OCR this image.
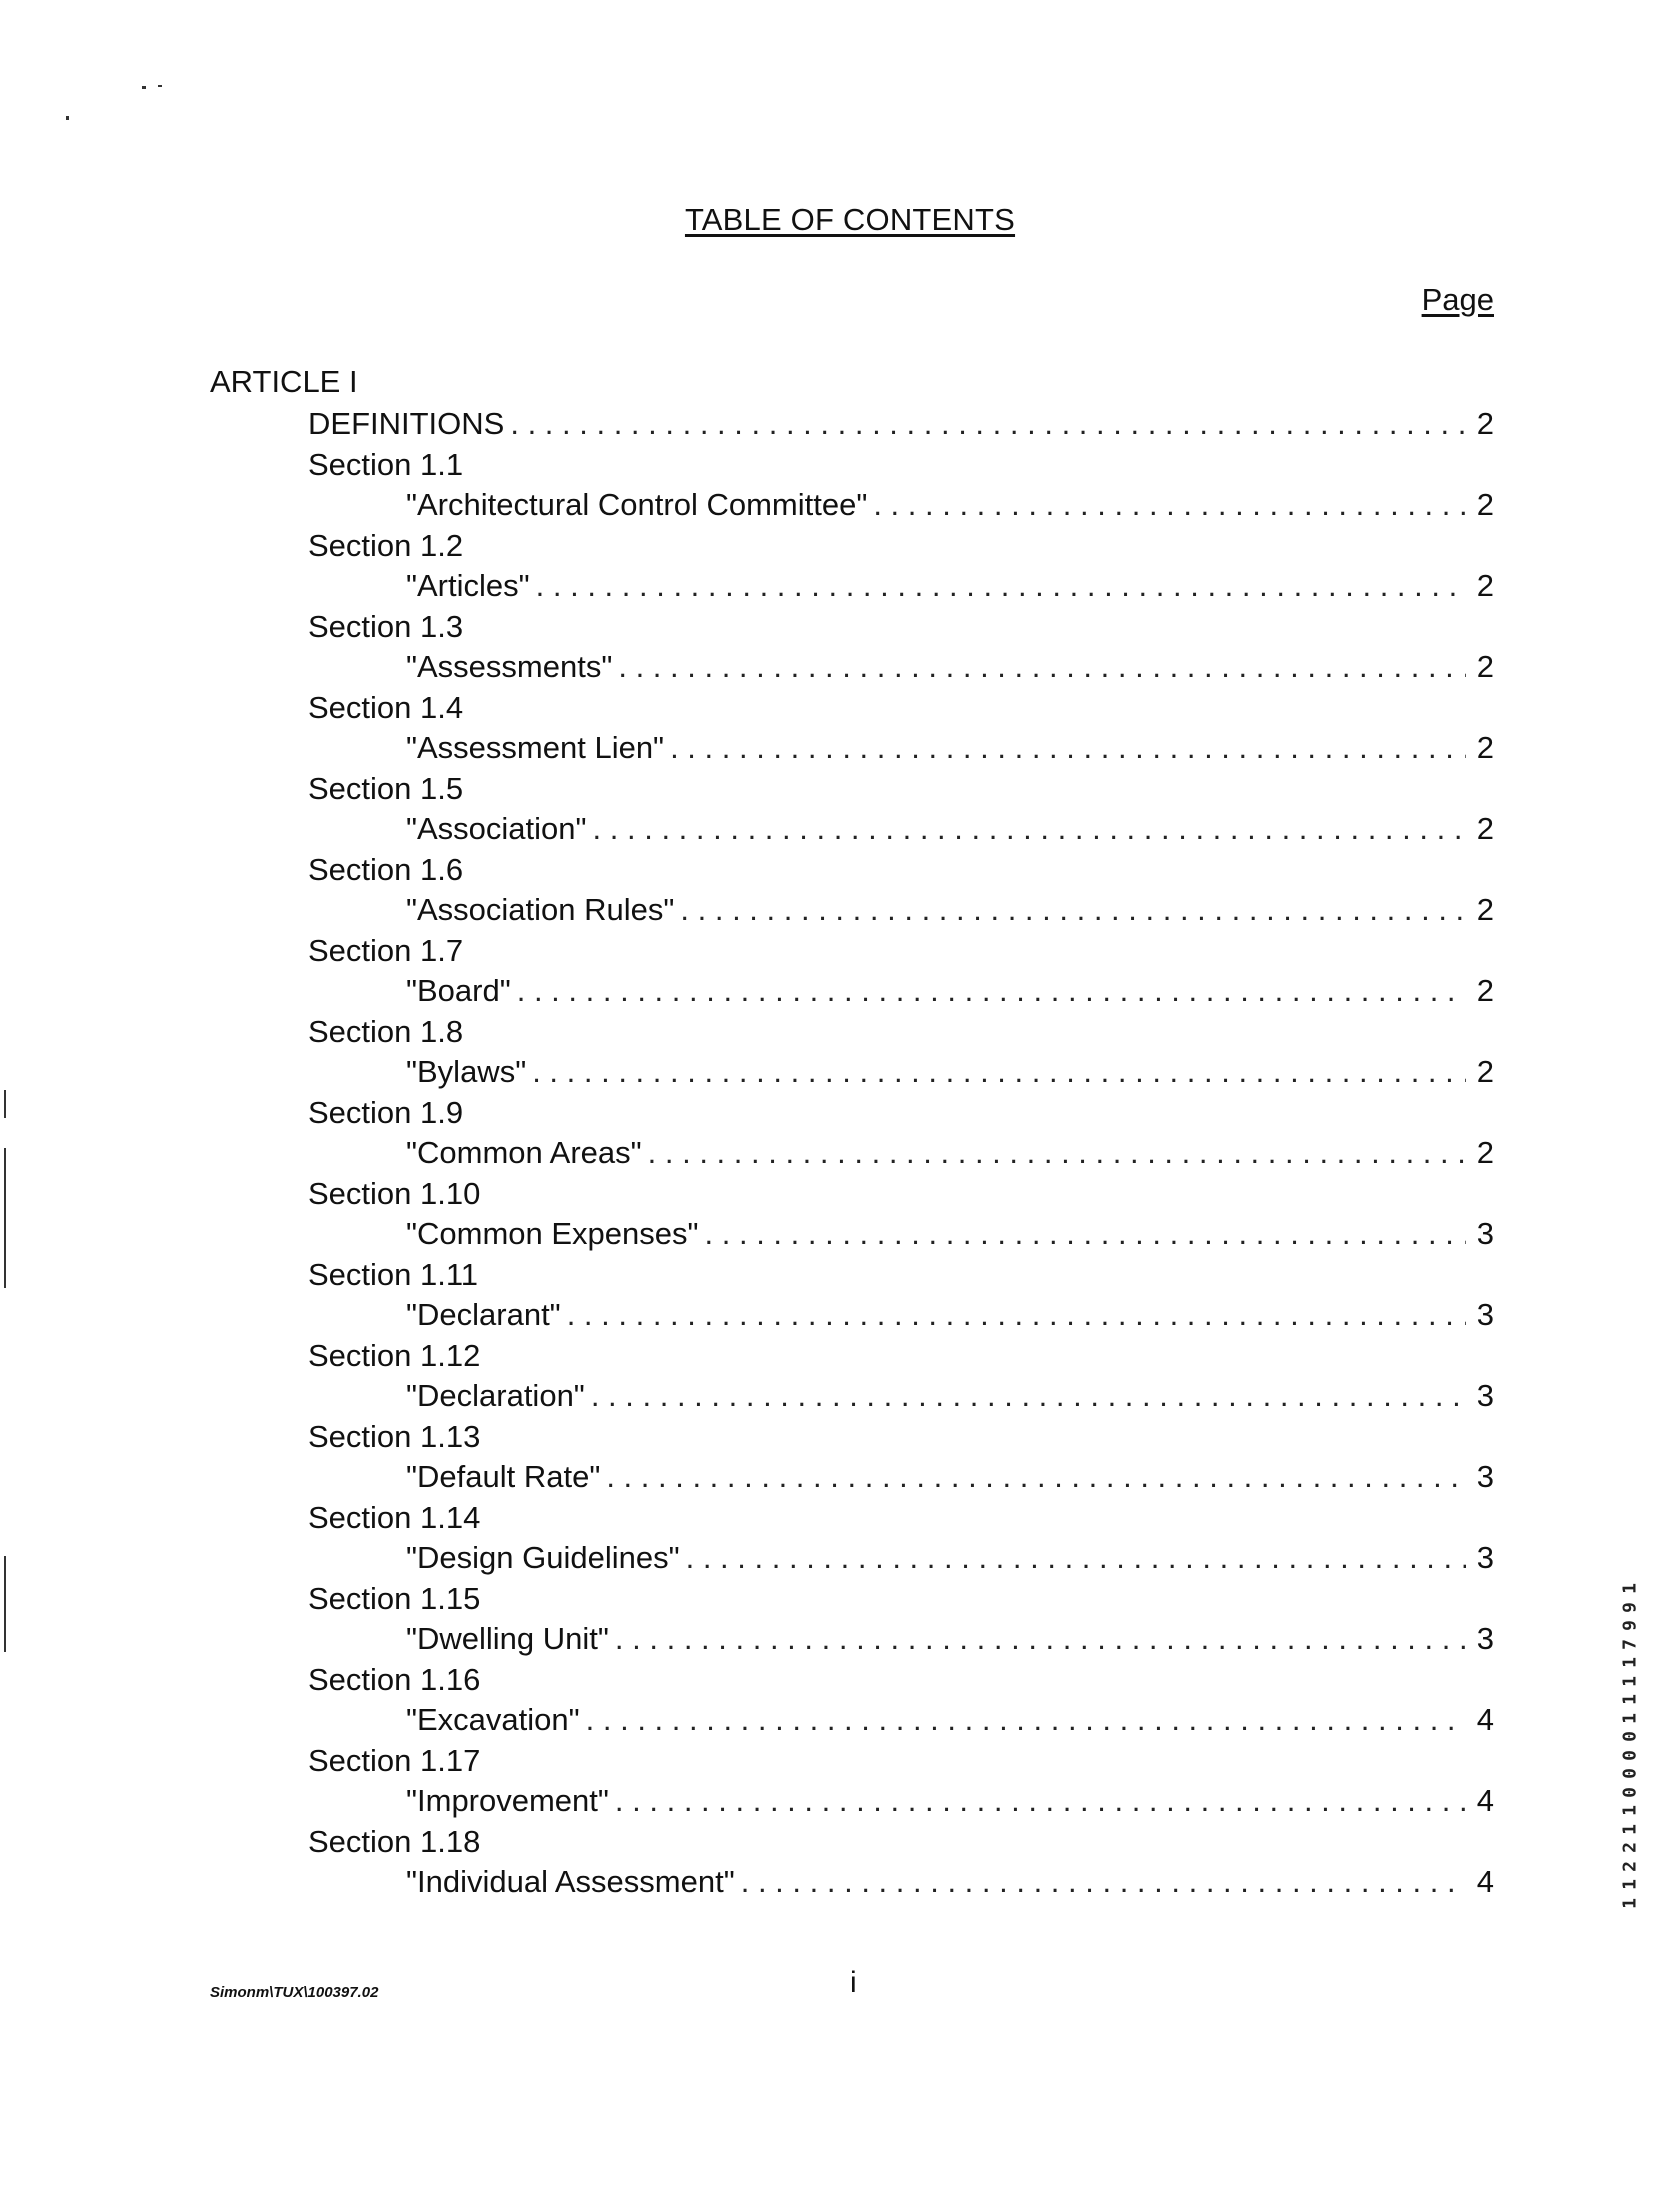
TABLE OF CONTENTS
Page
ARTICLE I
DEFINITIONS . . .	2
Section 1.1
"Architectural Control Committee" . . .	2
Section 1.2
"Articles" . . .	2
Section 1.3
"Assessments" . . .	2
Section 1.4
"Assessment Lien" . . .	2
Section 1.5
"Association" . . .	2
Section 1.6
"Association Rules" . . .	2
Section 1.7
"Board" . . .	2
Section 1.8
"Bylaws" . . .	2
Section 1.9
"Common Areas" . . .	2
Section 1.10
"Common Expenses" . . .	3
Section 1.11
"Declarant" . . .	3
Section 1.12
"Declaration" . . .	3
Section 1.13
"Default Rate" . . .	3
Section 1.14
"Design Guidelines" . . .	3
Section 1.15
"Dwelling Unit" . . .	3
Section 1.16
"Excavation" . . .	4
Section 1.17
"Improvement" . . .	4
Section 1.18
"Individual Assessment" . . .	4
Simonm\TUX\100397.02	i
1
9
9
7
1
1
1
1
0
0
0
0
1
1
2
2
1
1
